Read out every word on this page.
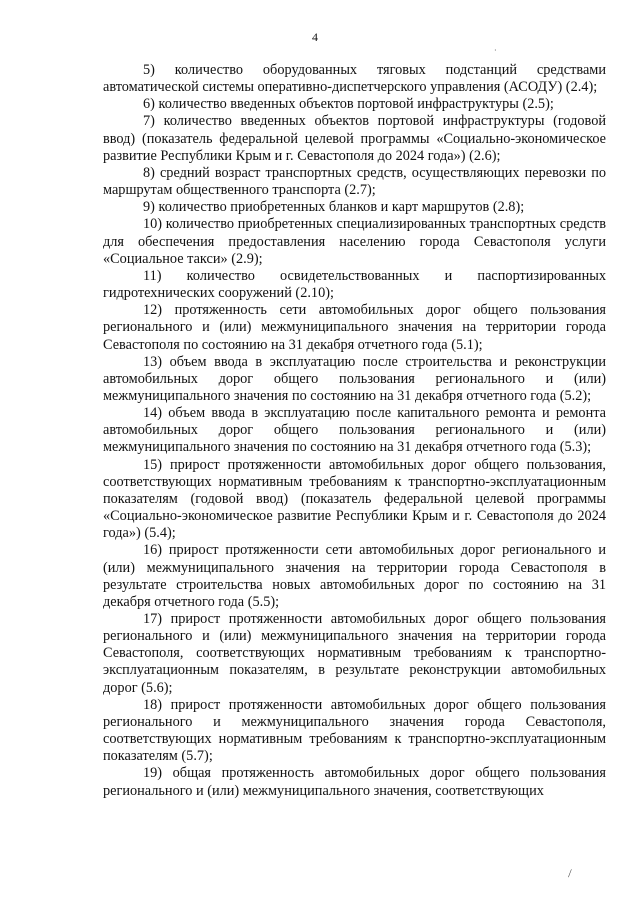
4
·

5) количество оборудованных тяговых подстанций средствами автоматической системы оперативно-диспетчерского управления (АСОДУ) (2.4);

6) количество введенных объектов портовой инфраструктуры (2.5);

7) количество введенных объектов портовой инфраструктуры (годовой ввод) (показатель федеральной целевой программы «Социально-экономическое развитие Республики Крым и г. Севастополя до 2024 года») (2.6);

8) средний возраст транспортных средств, осуществляющих перевозки по маршрутам общественного транспорта (2.7);

9) количество приобретенных бланков и карт маршрутов (2.8);

10) количество приобретенных специализированных транспортных средств для обеспечения предоставления населению города Севастополя услуги «Социальное такси» (2.9);

11) количество освидетельствованных и паспортизированных гидротехнических сооружений (2.10);

12) протяженность сети автомобильных дорог общего пользования регионального и (или) межмуниципального значения на территории города Севастополя по состоянию на 31 декабря отчетного года (5.1);

13) объем ввода в эксплуатацию после строительства и реконструкции автомобильных дорог общего пользования регионального и (или) межмуниципального значения по состоянию на 31 декабря отчетного года (5.2);

14) объем ввода в эксплуатацию после капитального ремонта и ремонта автомобильных дорог общего пользования регионального и (или) межмуниципального значения по состоянию на 31 декабря отчетного года (5.3);

15) прирост протяженности автомобильных дорог общего пользования, соответствующих нормативным требованиям к транспортно-эксплуатационным показателям (годовой ввод) (показатель федеральной целевой программы «Социально-экономическое развитие Республики Крым и г. Севастополя до 2024 года») (5.4);

16) прирост протяженности сети автомобильных дорог регионального и (или) межмуниципального значения на территории города Севастополя в результате строительства новых автомобильных дорог по состоянию на 31 декабря отчетного года (5.5);

17) прирост протяженности автомобильных дорог общего пользования регионального и (или) межмуниципального значения на территории города Севастополя, соответствующих нормативным требованиям к транспортно-эксплуатационным показателям, в результате реконструкции автомобильных дорог (5.6);

18) прирост протяженности автомобильных дорог общего пользования регионального и межмуниципального значения города Севастополя, соответствующих нормативным требованиям к транспортно-эксплуатационным показателям (5.7);

19) общая протяженность автомобильных дорог общего пользования регионального и (или) межмуниципального значения, соответствующих

\
